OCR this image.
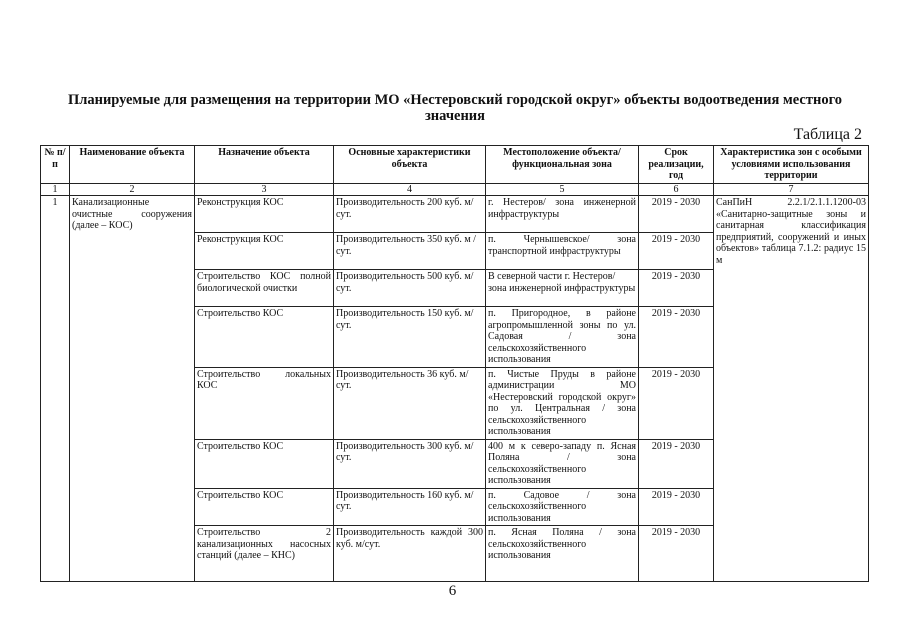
Планируемые для размещения на территории МО «Нестеровский городской округ» объекты водоотведения местного значения
Таблица 2
№ п/п	Наименование объекта	Назначение объекта	Основные характеристики объекта	Местоположение объекта/ функциональная зона	Срок реализации, год	Характеристика зон с особыми условиями использования территории
1	2	3	4	5	6	7
1	Канализационные очистные сооружения (далее – КОС)	Реконструкция КОС	Производительность 200 куб. м/сут.	г. Нестеров/ зона инженерной инфраструктуры	2019 - 2030	СанПиН 2.2.1/2.1.1.1200-03 «Санитарно-защитные зоны и санитарная классификация предприятий, сооружений и иных объектов» таблица 7.1.2: радиус 15 м
		Реконструкция КОС	Производительность 350 куб. м /сут.	п. Чернышевское/ зона транспортной инфраструктуры	2019 - 2030	
		Строительство КОС полной биологической очистки	Производительность 500 куб. м/сут.	В северной части г. Нестеров/ зона инженерной инфраструктуры	2019 - 2030	
		Строительство КОС	Производительность 150 куб. м/сут.	п. Пригородное, в районе агропромышленной зоны по ул. Садовая / зона сельскохозяйственного использования	2019 - 2030	
		Строительство локальных КОС	Производительность 36 куб. м/сут.	п. Чистые Пруды в районе администрации МО «Нестеровский городской округ» по ул. Центральная / зона сельскохозяйственного использования	2019 - 2030	
		Строительство КОС	Производительность 300 куб. м/сут.	400 м к северо-западу п. Ясная Поляна / зона сельскохозяйственного использования	2019 - 2030	
		Строительство КОС	Производительность 160 куб. м/сут.	п. Садовое / зона сельскохозяйственного использования	2019 - 2030	
		Строительство 2 канализационных насосных станций (далее – КНС)	Производительность каждой 300 куб. м/сут.	п. Ясная Поляна / зона сельскохозяйственного использования	2019 - 2030	
6
